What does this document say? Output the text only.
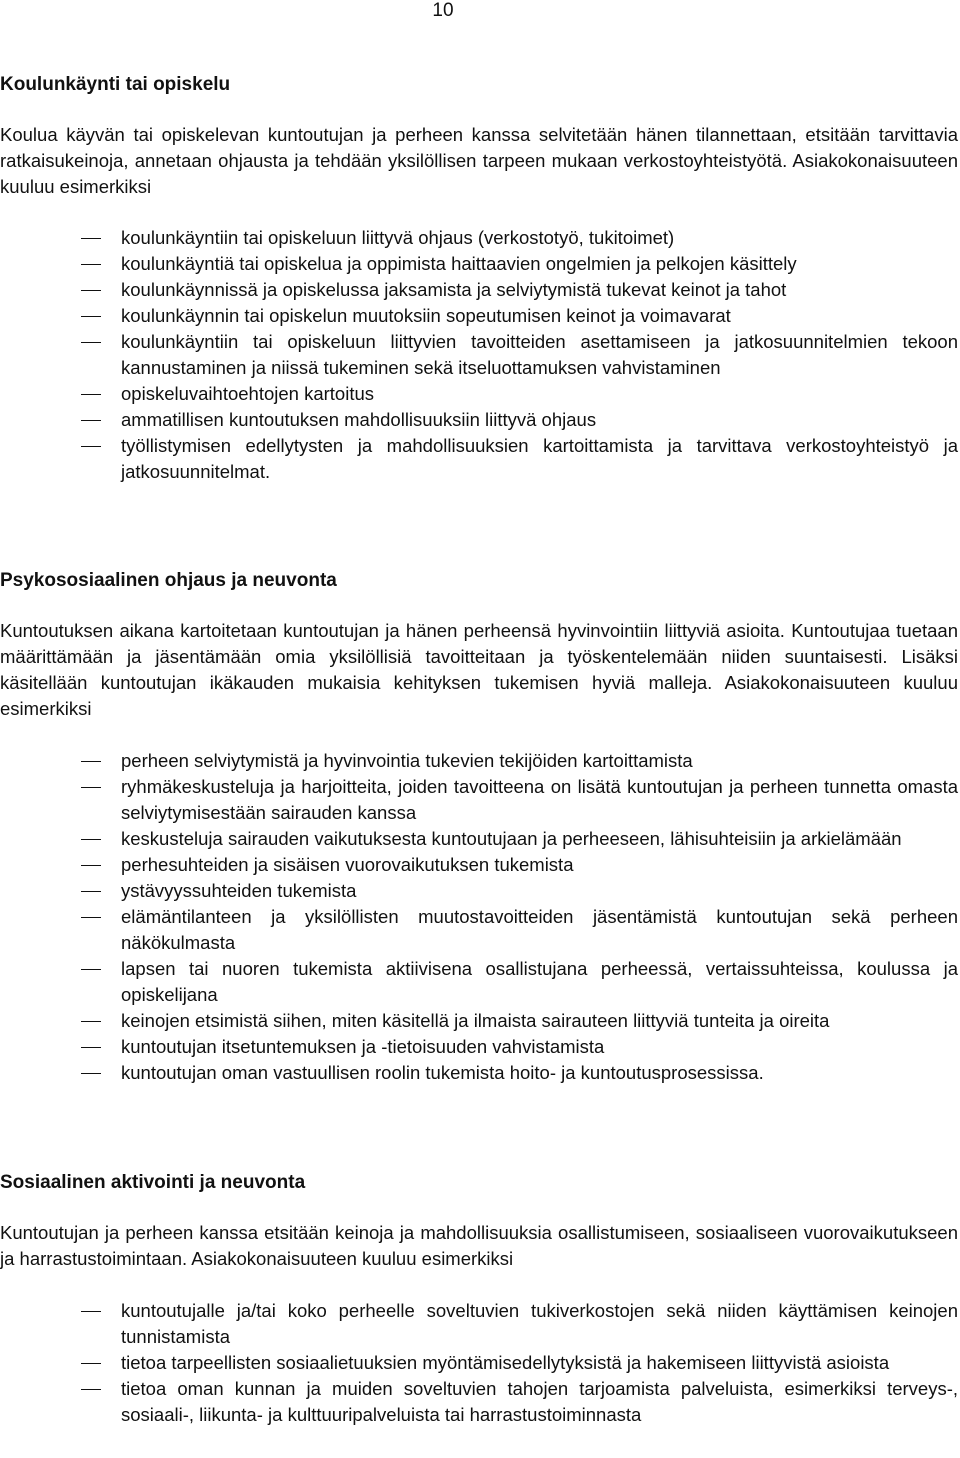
10
Koulunkäynti tai opiskelu

Koulua käyvän tai opiskelevan kuntoutujan ja perheen kanssa selvitetään hänen tilannettaan, etsitään tarvittavia ratkaisukeinoja, annetaan ohjausta ja tehdään yksilöllisen tarpeen mukaan verkostoyhteistyötä. Asiakokonaisuuteen kuuluu esimerkiksi

koulunkäyntiin tai opiskeluun liittyvä ohjaus (verkostotyö, tukitoimet)
koulunkäyntiä tai opiskelua ja oppimista haittaavien ongelmien ja pelkojen käsittely
koulunkäynnissä ja opiskelussa jaksamista ja selviytymistä tukevat keinot ja tahot
koulunkäynnin tai opiskelun muutoksiin sopeutumisen keinot ja voimavarat
koulunkäyntiin tai opiskeluun liittyvien tavoitteiden asettamiseen ja jatkosuunnitelmien tekoon kannustaminen ja niissä tukeminen sekä itseluottamuksen vahvistaminen
opiskeluvaihtoehtojen kartoitus
ammatillisen kuntoutuksen mahdollisuuksiin liittyvä ohjaus
työllistymisen edellytysten ja mahdollisuuksien kartoittamista ja tarvittava verkostoyhteistyö ja jatkosuunnitelmat.
Psykososiaalinen ohjaus ja neuvonta

Kuntoutuksen aikana kartoitetaan kuntoutujan ja hänen perheensä hyvinvointiin liittyviä asioita. Kuntoutujaa tuetaan määrittämään ja jäsentämään omia yksilöllisiä tavoitteitaan ja työskentelemään niiden suuntaisesti. Lisäksi käsitellään kuntoutujan ikäkauden mukaisia kehityksen tukemisen hyviä malleja. Asiakokonaisuuteen kuuluu esimerkiksi

perheen selviytymistä ja hyvinvointia tukevien tekijöiden kartoittamista
ryhmäkeskusteluja ja harjoitteita, joiden tavoitteena on lisätä kuntoutujan ja perheen tunnetta omasta selviytymisestään sairauden kanssa
keskusteluja sairauden vaikutuksesta kuntoutujaan ja perheeseen, lähisuhteisiin ja arkielämään
perhesuhteiden ja sisäisen vuorovaikutuksen tukemista
ystävyyssuhteiden tukemista
elämäntilanteen ja yksilöllisten muutostavoitteiden jäsentämistä kuntoutujan sekä perheen näkökulmasta
lapsen tai nuoren tukemista aktiivisena osallistujana perheessä, vertaissuhteissa, koulussa ja opiskelijana
keinojen etsimistä siihen, miten käsitellä ja ilmaista sairauteen liittyviä tunteita ja oireita
kuntoutujan itsetuntemuksen ja -tietoisuuden vahvistamista
kuntoutujan oman vastuullisen roolin tukemista hoito- ja kuntoutusprosessissa.
Sosiaalinen aktivointi ja neuvonta

Kuntoutujan ja perheen kanssa etsitään keinoja ja mahdollisuuksia osallistumiseen, sosiaaliseen vuorovaikutukseen ja harrastustoimintaan. Asiakokonaisuuteen kuuluu esimerkiksi

kuntoutujalle ja/tai koko perheelle soveltuvien tukiverkostojen sekä niiden käyttämisen keinojen tunnistamista
tietoa tarpeellisten sosiaalietuuksien myöntämisedellytyksistä ja hakemiseen liittyvistä asioista
tietoa oman kunnan ja muiden soveltuvien tahojen tarjoamista palveluista, esimerkiksi terveys-, sosiaali-, liikunta- ja kulttuuripalveluista tai harrastustoiminnasta
